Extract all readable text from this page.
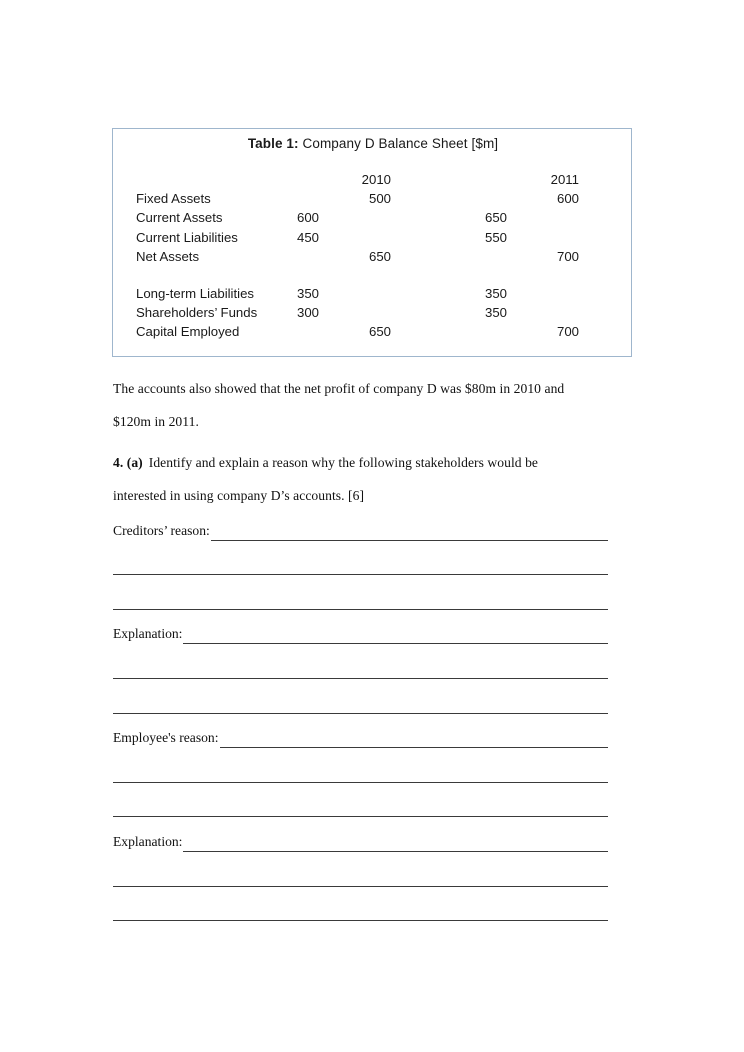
Table 1: Company D Balance Sheet [$m]
2010	2011
Fixed Assets	500	600
Current Assets	600	650
Current Liabilities	450	550
Net Assets	650	700
Long-term Liabilities	350	350
Shareholders’ Funds	300	350
Capital Employed	650	700
The accounts also showed that the net profit of company D was $80m in 2010 and
$120m in 2011.
4. (a) Identify and explain a reason why the following stakeholders would be
interested in using company D’s accounts. [6]
Creditors’ reason:
Explanation:
Employee's reason:
Explanation:
